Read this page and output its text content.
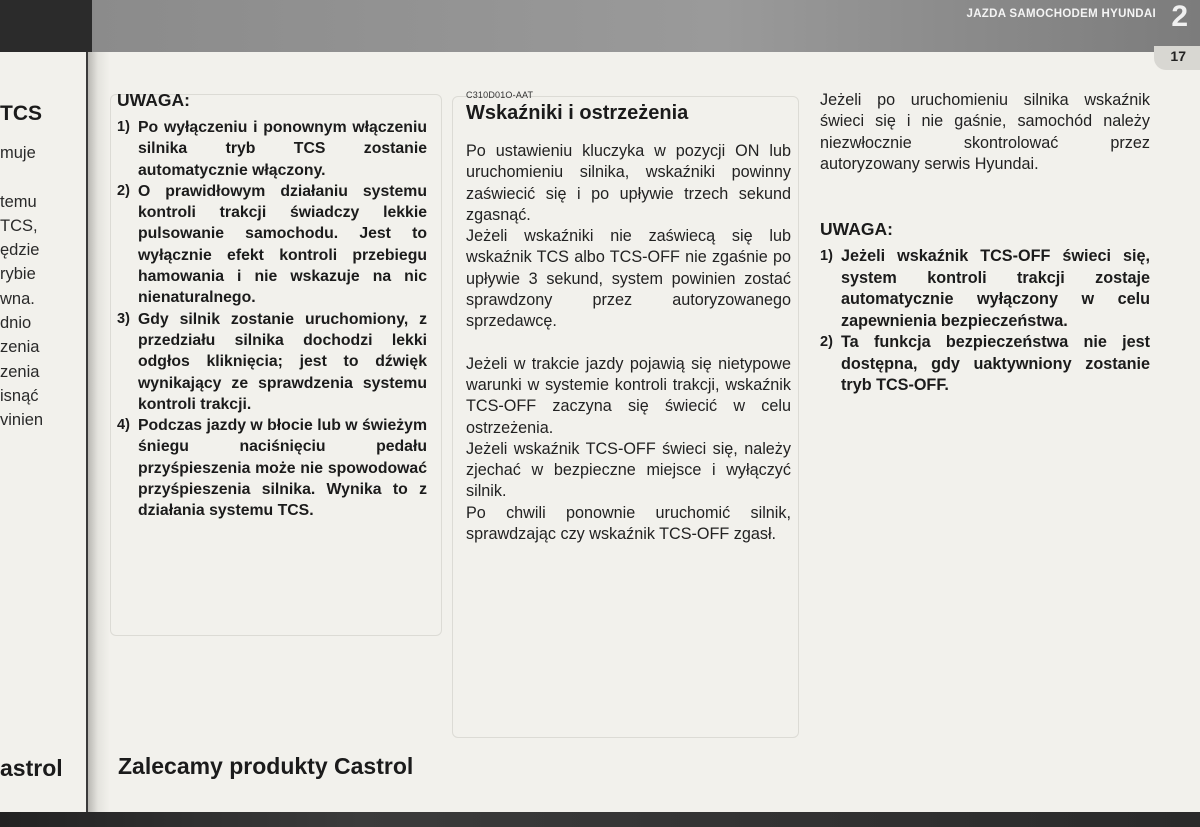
JAZDA SAMOCHODEM HYUNDAI 2
17
TCS
muje

temu
TCS,
ędzie
rybie
wna.
dnio
zenia
zenia
isnąć
vinien
astrol
UWAGA:
1) Po wyłączeniu i ponownym włączeniu silnika tryb TCS zostanie automatycznie włączony.
2) O prawidłowym działaniu systemu kontroli trakcji świadczy lekkie pulsowanie samochodu. Jest to wyłącznie efekt kontroli przebiegu hamowania i nie wskazuje na nic nienaturalnego.
3) Gdy silnik zostanie uruchomiony, z przedziału silnika dochodzi lekki odgłos kliknięcia; jest to dźwięk wynikający ze sprawdzenia systemu kontroli trakcji.
4) Podczas jazdy w błocie lub w świeżym śniegu naciśnięciu pedału przyśpieszenia może nie spowodować przyśpieszenia silnika. Wynika to z działania systemu TCS.
C310D01O-AAT
Wskaźniki i ostrzeżenia

Po ustawieniu kluczyka w pozycji ON lub uruchomieniu silnika, wskaźniki powinny zaświecić się i po upływie trzech sekund zgasnąć.

Jeżeli wskaźniki nie zaświecą się lub wskaźnik TCS albo TCS-OFF nie zgaśnie po upływie 3 sekund, system powinien zostać sprawdzony przez autoryzowanego sprzedawcę.

Jeżeli w trakcie jazdy pojawią się nietypowe warunki w systemie kontroli trakcji, wskaźnik TCS-OFF zaczyna się świecić w celu ostrzeżenia.

Jeżeli wskaźnik TCS-OFF świeci się, należy zjechać w bezpieczne miejsce i wyłączyć silnik.

Po chwili ponownie uruchomić silnik, sprawdzając czy wskaźnik TCS-OFF zgasł.

Jeżeli po uruchomieniu silnika wskaźnik świeci się i nie gaśnie, samochód należy niezwłocznie skontrolować przez autoryzowany serwis Hyundai.

UWAGA:
1) Jeżeli wskaźnik TCS-OFF świeci się, system kontroli trakcji zostaje automatycznie wyłączony w celu zapewnienia bezpieczeństwa.
2) Ta funkcja bezpieczeństwa nie jest dostępna, gdy uaktywniony zostanie tryb TCS-OFF.
Zalecamy produkty Castrol
